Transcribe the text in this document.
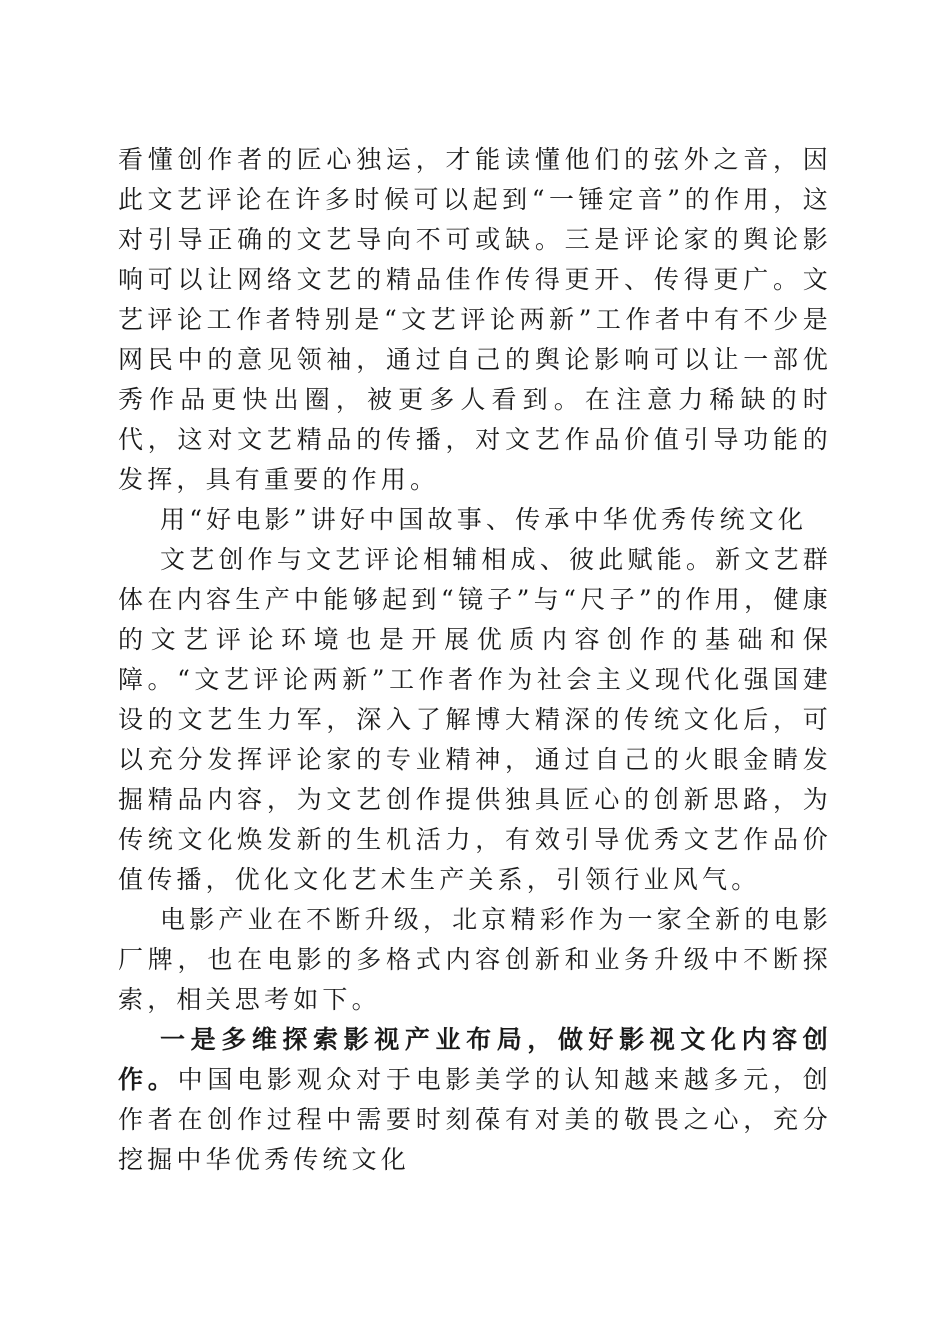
看懂创作者的匠心独运，才能读懂他们的弦外之音，因此文艺评论在许多时候可以起到“一锤定音”的作用，这对引导正确的文艺导向不可或缺。三是评论家的舆论影响可以让网络文艺的精品佳作传得更开、传得更广。文艺评论工作者特别是“文艺评论两新”工作者中有不少是网民中的意见领袖，通过自己的舆论影响可以让一部优秀作品更快出圈，被更多人看到。在注意力稀缺的时代，这对文艺精品的传播，对文艺作品价值引导功能的发挥，具有重要的作用。

用“好电影”讲好中国故事、传承中华优秀传统文化

文艺创作与文艺评论相辅相成、彼此赋能。新文艺群体在内容生产中能够起到“镜子”与“尺子”的作用，健康的文艺评论环境也是开展优质内容创作的基础和保障。“文艺评论两新”工作者作为社会主义现代化强国建设的文艺生力军，深入了解博大精深的传统文化后，可以充分发挥评论家的专业精神，通过自己的火眼金睛发掘精品内容，为文艺创作提供独具匠心的创新思路，为传统文化焕发新的生机活力，有效引导优秀文艺作品价值传播，优化文化艺术生产关系，引领行业风气。

电影产业在不断升级，北京精彩作为一家全新的电影厂牌，也在电影的多格式内容创新和业务升级中不断探索，相关思考如下。

一是多维探索影视产业布局，做好影视文化内容创作。中国电影观众对于电影美学的认知越来越多元，创作者在创作过程中需要时刻葆有对美的敬畏之心，充分挖掘中华优秀传统文化
